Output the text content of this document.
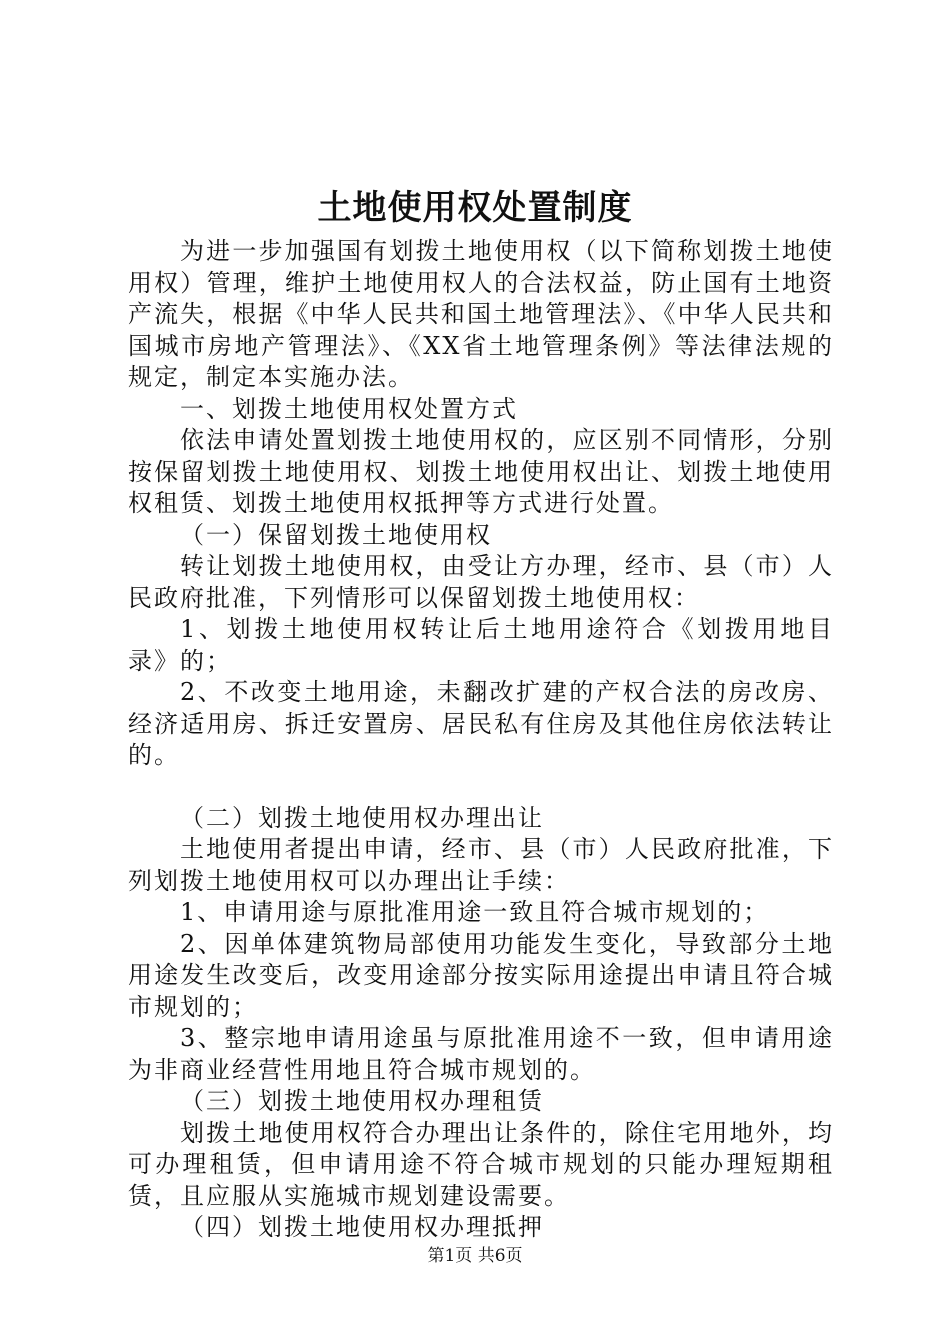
土地使用权处置制度

为进一步加强国有划拨土地使用权（以下简称划拨土地使用权）管理，维护土地使用权人的合法权益，防止国有土地资产流失，根据《中华人民共和国土地管理法》、《中华人民共和国城市房地产管理法》、《XX省土地管理条例》等法律法规的规定，制定本实施办法。

一、划拨土地使用权处置方式

依法申请处置划拨土地使用权的，应区别不同情形，分别按保留划拨土地使用权、划拨土地使用权出让、划拨土地使用权租赁、划拨土地使用权抵押等方式进行处置。

（一）保留划拨土地使用权

转让划拨土地使用权，由受让方办理，经市、县（市）人民政府批准，下列情形可以保留划拨土地使用权：

1、划拨土地使用权转让后土地用途符合《划拨用地目录》的；

2、不改变土地用途，未翻改扩建的产权合法的房改房、经济适用房、拆迁安置房、居民私有住房及其他住房依法转让的。

（二）划拨土地使用权办理出让

土地使用者提出申请，经市、县（市）人民政府批准，下列划拨土地使用权可以办理出让手续：

1、申请用途与原批准用途一致且符合城市规划的；

2、因单体建筑物局部使用功能发生变化，导致部分土地用途发生改变后，改变用途部分按实际用途提出申请且符合城市规划的；

3、整宗地申请用途虽与原批准用途不一致，但申请用途为非商业经营性用地且符合城市规划的。

（三）划拨土地使用权办理租赁

划拨土地使用权符合办理出让条件的，除住宅用地外，均可办理租赁，但申请用途不符合城市规划的只能办理短期租赁，且应服从实施城市规划建设需要。

（四）划拨土地使用权办理抵押

第1页 共6页
